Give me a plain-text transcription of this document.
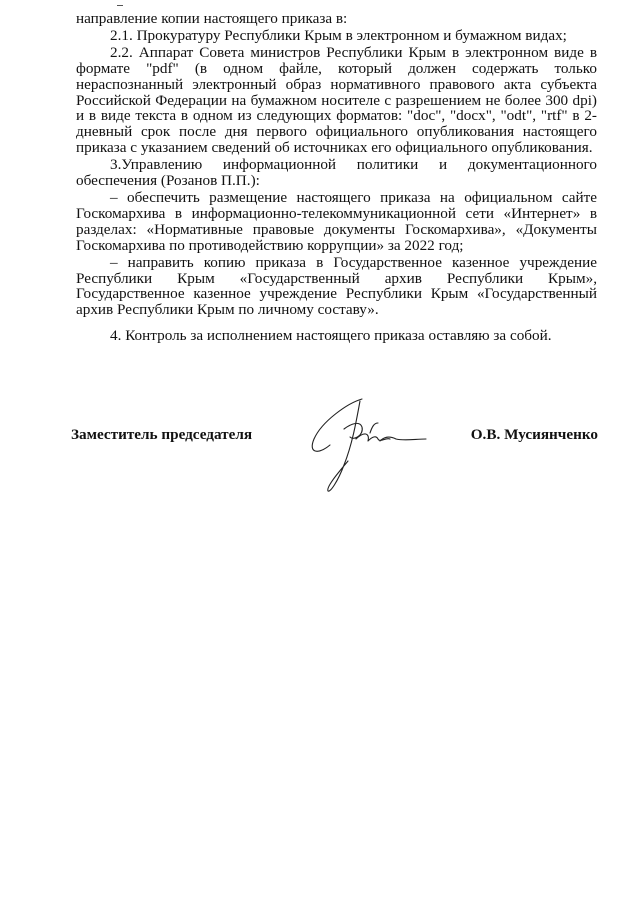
направление копии настоящего приказа в:

2.1. Прокуратуру Республики Крым в электронном и бумажном видах;

2.2. Аппарат Совета министров Республики Крым в электронном виде в формате "pdf" (в одном файле, который должен содержать только нераспознанный электронный образ нормативного правового акта субъекта Российской Федерации на бумажном носителе с разрешением не более 300 dpi) и в виде текста в одном из следующих форматов: "doc", "docx", "odt", "rtf" в 2-дневный срок после дня первого официального опубликования настоящего приказа с указанием сведений об источниках его официального опубликования.

3.Управлению информационной политики и документационного обеспечения (Розанов П.П.):

– обеспечить размещение настоящего приказа на официальном сайте Госкомархива в информационно-телекоммуникационной сети «Интернет» в разделах: «Нормативные правовые документы Госкомархива», «Документы Госкомархива по противодействию коррупции» за 2022 год;

– направить копию приказа в Государственное казенное учреждение Республики Крым «Государственный архив Республики Крым», Государственное казенное учреждение Республики Крым «Государственный архив Республики Крым по личному составу».

4. Контроль за исполнением настоящего приказа оставляю за собой.

Заместитель председателя	О.В. Мусиянченко
